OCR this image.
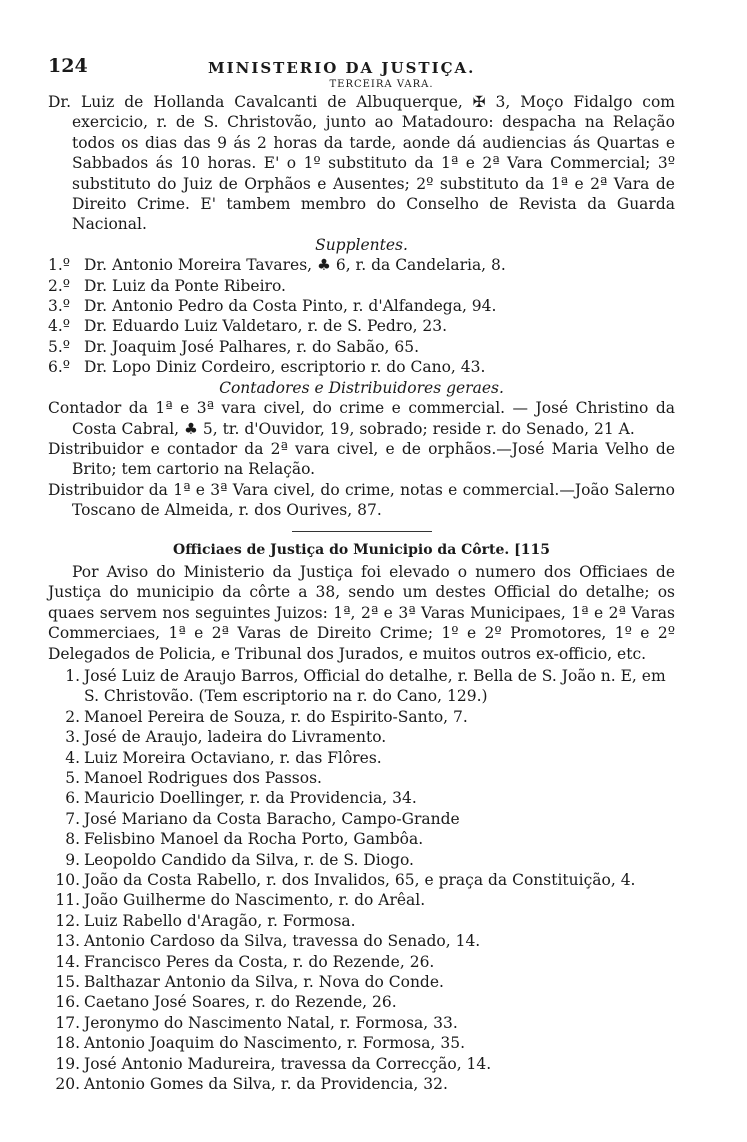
124	MINISTERIO DA JUSTIÇA.

TERCEIRA VARA.

Dr. Luiz de Hollanda Cavalcanti de Albuquerque, ✠ 3, Moço Fidalgo com exercicio, r. de S. Christovão, junto ao Matadouro: despacha na Relação todos os dias das 9 ás 2 horas da tarde, aonde dá audiencias ás Quartas e Sabbados ás 10 horas. E' o 1º substituto da 1ª e 2ª Vara Commercial; 3º substituto do Juiz de Orphãos e Ausentes; 2º substituto da 1ª e 2ª Vara de Direito Crime. E' tambem membro do Conselho de Revista da Guarda Nacional.

Supplentes.

1.º Dr. Antonio Moreira Tavares, ♣ 6, r. da Candelaria, 8.

2.º Dr. Luiz da Ponte Ribeiro.

3.º Dr. Antonio Pedro da Costa Pinto, r. d'Alfandega, 94.

4.º Dr. Eduardo Luiz Valdetaro, r. de S. Pedro, 23.

5.º Dr. Joaquim José Palhares, r. do Sabão, 65.

6.º Dr. Lopo Diniz Cordeiro, escriptorio r. do Cano, 43.

Contadores e Distribuidores geraes.

Contador da 1ª e 3ª vara civel, do crime e commercial. — José Christino da Costa Cabral, ♣ 5, tr. d'Ouvidor, 19, sobrado; reside r. do Senado, 21 A.

Distribuidor e contador da 2ª vara civel, e de orphãos.—José Maria Velho de Brito; tem cartorio na Relação.

Distribuidor da 1ª e 3ª Vara civel, do crime, notas e commercial.—João Salerno Toscano de Almeida, r. dos Ourives, 87.

Officiaes de Justiça do Municipio da Côrte. [115

Por Aviso do Ministerio da Justiça foi elevado o numero dos Officiaes de Justiça do municipio da côrte a 38, sendo um destes Official do detalhe; os quaes servem nos seguintes Juizos: 1ª, 2ª e 3ª Varas Municipaes, 1ª e 2ª Varas Commerciaes, 1ª e 2ª Varas de Direito Crime; 1º e 2º Promotores, 1º e 2º Delegados de Policia, e Tribunal dos Jurados, e muitos outros ex-officio, etc.

1. José Luiz de Araujo Barros, Official do detalhe, r. Bella de S. João n. E, em S. Christovão. (Tem escriptorio na r. do Cano, 129.)

2. Manoel Pereira de Souza, r. do Espirito-Santo, 7.

3. José de Araujo, ladeira do Livramento.

4. Luiz Moreira Octaviano, r. das Flôres.

5. Manoel Rodrigues dos Passos.

6. Mauricio Doellinger, r. da Providencia, 34.

7. José Mariano da Costa Baracho, Campo-Grande

8. Felisbino Manoel da Rocha Porto, Gambôa.

9. Leopoldo Candido da Silva, r. de S. Diogo.

10. João da Costa Rabello, r. dos Invalidos, 65, e praça da Constituição, 4.

11. João Guilherme do Nascimento, r. do Arêal.

12. Luiz Rabello d'Aragão, r. Formosa.

13. Antonio Cardoso da Silva, travessa do Senado, 14.

14. Francisco Peres da Costa, r. do Rezende, 26.

15. Balthazar Antonio da Silva, r. Nova do Conde.

16. Caetano José Soares, r. do Rezende, 26.

17. Jeronymo do Nascimento Natal, r. Formosa, 33.

18. Antonio Joaquim do Nascimento, r. Formosa, 35.

19. José Antonio Madureira, travessa da Correcção, 14.

20. Antonio Gomes da Silva, r. da Providencia, 32.
